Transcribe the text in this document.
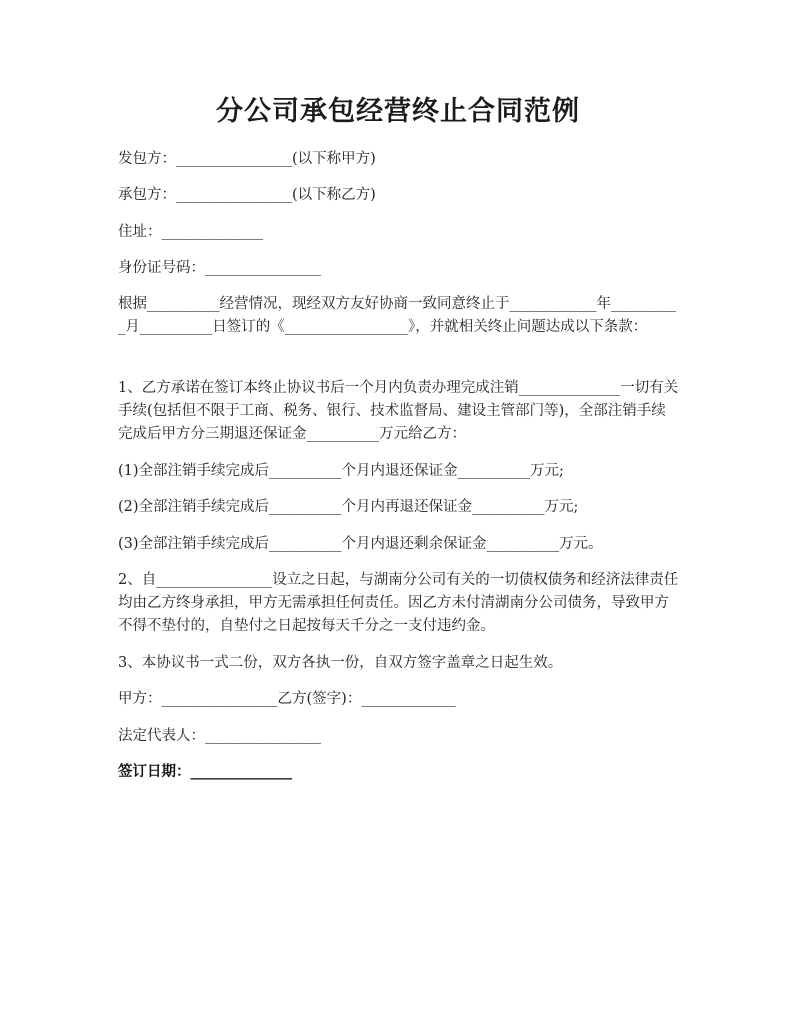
分公司承包经营终止合同范例

发包方：________________(以下称甲方)

承包方：________________(以下称乙方)

住址：______________

身份证号码：________________

根据__________经营情况，现经双方友好协商一致同意终止于____________年__________月__________日签订的《_________________》，并就相关终止问题达成以下条款：

1、乙方承诺在签订本终止协议书后一个月内负责办理完成注销______________一切有关手续(包括但不限于工商、税务、银行、技术监督局、建设主管部门等)，全部注销手续完成后甲方分三期退还保证金__________万元给乙方：

(1)全部注销手续完成后__________个月内退还保证金__________万元;

(2)全部注销手续完成后__________个月内再退还保证金__________万元;

(3)全部注销手续完成后__________个月内退还剩余保证金__________万元。

2、自________________设立之日起，与湖南分公司有关的一切债权债务和经济法律责任均由乙方终身承担，甲方无需承担任何责任。因乙方未付清湖南分公司债务，导致甲方不得不垫付的，自垫付之日起按每天千分之一支付违约金。

3、本协议书一式二份，双方各执一份，自双方签字盖章之日起生效。

甲方：________________乙方(签字)：_____________

法定代表人：________________

签订日期：______________
